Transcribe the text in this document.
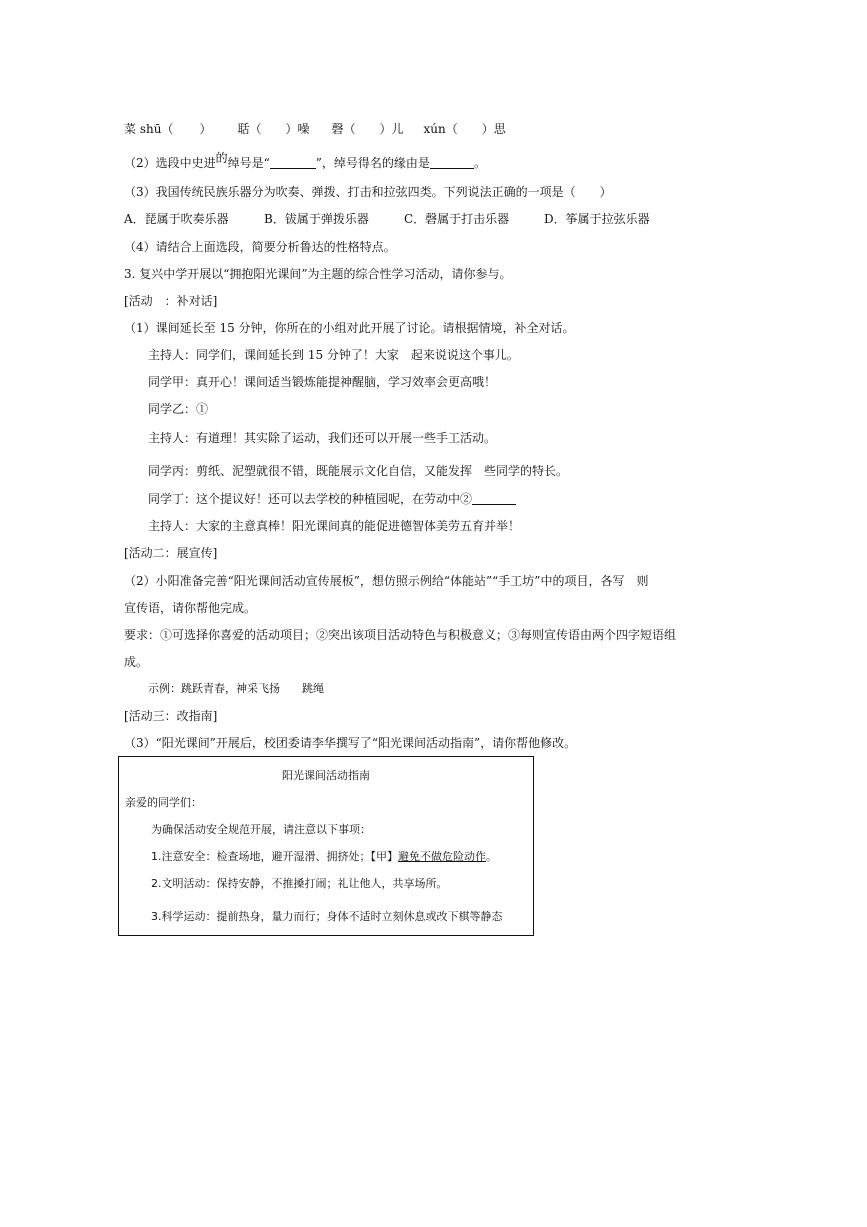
菜 shū（ ） 聒（ ）噪 磬（ ）儿 xún（ ）思
（2）选段中史进的绰号是“	”，绰号得名的缘由是	。
（3）我国传统民族乐器分为吹奏、弹拨、打击和拉弦四类。下列说法正确的一项是（　　）
A．琵属于吹奏乐器	B．钹属于弹拨乐器	C．磬属于打击乐器	D．筝属于拉弦乐器
（4）请结合上面选段，简要分析鲁达的性格特点。
3. 复兴中学开展以“拥抱阳光课间”为主题的综合性学习活动，请你参与。
[活动　：补对话]
（1）课间延长至 15 分钟，你所在的小组对此开展了讨论。请根据情境，补全对话。
主持人：同学们，课间延长到 15 分钟了！大家　起来说说这个事儿。
同学甲：真开心！课间适当锻炼能提神醒脑，学习效率会更高哦！
同学乙：①
主持人：有道理！其实除了运动，我们还可以开展一些手工活动。
同学丙：剪纸、泥塑就很不错，既能展示文化自信，又能发挥　些同学的特长。
同学丁：这个提议好！还可以去学校的种植园呢，在劳动中②
主持人：大家的主意真棒！阳光课间真的能促进德智体美劳五育并举！
[活动二：展宣传]
（2）小阳准备完善“阳光课间活动宣传展板”，想仿照示例给“体能站”“手工坊”中的项目，各写　则
宣传语，请你帮他完成。
要求：①可选择你喜爱的活动项目；②突出该项目活动特色与积极意义；③每则宣传语由两个四字短语组
成。
示例：跳跃青春，神采飞扬　　跳绳
[活动三：改指南]
（3）“阳光课间”开展后，校团委请李华撰写了“阳光课间活动指南”，请你帮他修改。
阳光课间活动指南
亲爱的同学们：
为确保活动安全规范开展，请注意以下事项：
1.注意安全：检查场地，避开湿滑、拥挤处；【甲】避免不做危险动作。
2.文明活动：保持安静，不推搡打闹；礼让他人，共享场所。
3.科学运动：提前热身，量力而行；身体不适时立刻休息或改下棋等静态
